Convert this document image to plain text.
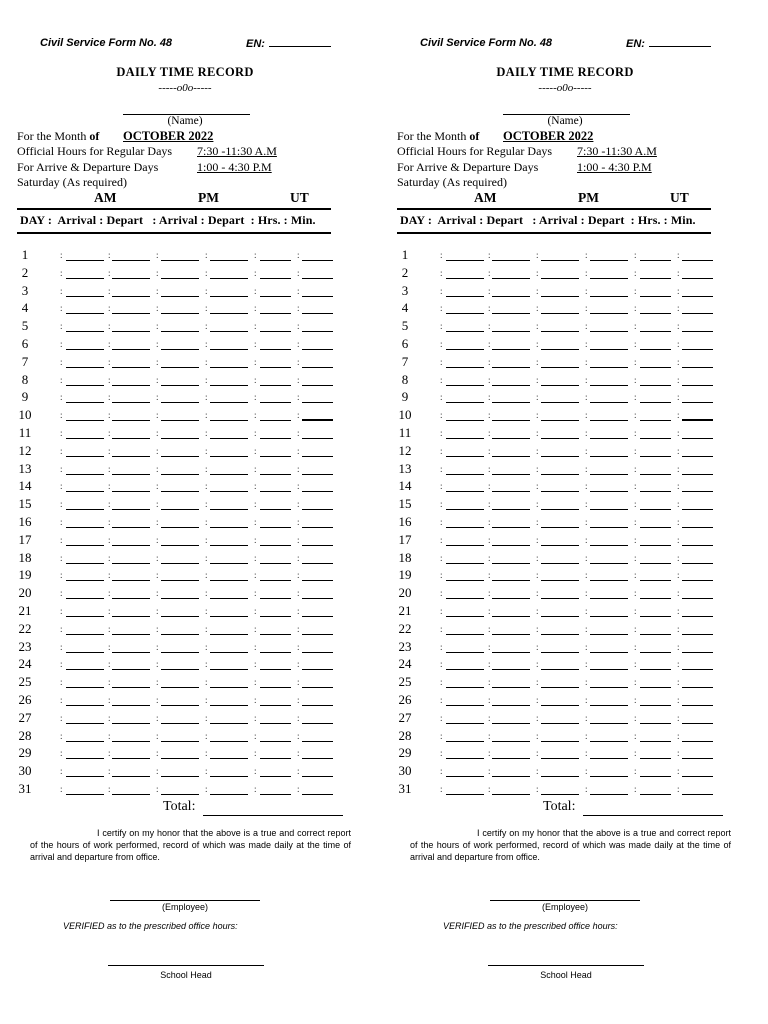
Civil Service Form No. 48	EN:
DAILY TIME RECORD
-----o0o-----
(Name)
For the Month of OCTOBER 2022
Official Hours for Regular Days 7:30 -11:30 A.M
For Arrive & Departure Days	1:00 - 4:30 P.M
Saturday (As required)
AM	PM	UT
DAY :  Arrival : Depart   : Arrival : Depart  : Hrs. : Min.
1	:	:	:	:	:	:
2	:	:	:	:	:	:
3	:	:	:	:	:	:
4	:	:	:	:	:	:
5	:	:	:	:	:	:
6	:	:	:	:	:	:
7	:	:	:	:	:	:
8	:	:	:	:	:	:
9	:	:	:	:	:	:
10	:	:	:	:	:	:
11	:	:	:	:	:	:
12	:	:	:	:	:	:
13	:	:	:	:	:	:
14	:	:	:	:	:	:
15	:	:	:	:	:	:
16	:	:	:	:	:	:
17	:	:	:	:	:	:
18	:	:	:	:	:	:
19	:	:	:	:	:	:
20	:	:	:	:	:	:
21	:	:	:	:	:	:
22	:	:	:	:	:	:
23	:	:	:	:	:	:
24	:	:	:	:	:	:
25	:	:	:	:	:	:
26	:	:	:	:	:	:
27	:	:	:	:	:	:
28	:	:	:	:	:	:
29	:	:	:	:	:	:
30	:	:	:	:	:	:
31	:	:	:	:	:	:
Total:

I certify on my honor that the above is a true and correct report of the hours of work performed, record of which was made daily at the time of arrival and departure from office.

(Employee)
VERIFIED as to the prescribed office hours:
School Head
Civil Service Form No. 48	EN:
DAILY TIME RECORD
-----o0o-----
(Name)
For the Month of OCTOBER 2022
Official Hours for Regular Days 7:30 -11:30 A.M
For Arrive & Departure Days	1:00 - 4:30 P.M
Saturday (As required)
AM	PM	UT
DAY :  Arrival : Depart   : Arrival : Depart  : Hrs. : Min.
1	:	:	:	:	:	:
2	:	:	:	:	:	:
3	:	:	:	:	:	:
4	:	:	:	:	:	:
5	:	:	:	:	:	:
6	:	:	:	:	:	:
7	:	:	:	:	:	:
8	:	:	:	:	:	:
9	:	:	:	:	:	:
10	:	:	:	:	:	:
11	:	:	:	:	:	:
12	:	:	:	:	:	:
13	:	:	:	:	:	:
14	:	:	:	:	:	:
15	:	:	:	:	:	:
16	:	:	:	:	:	:
17	:	:	:	:	:	:
18	:	:	:	:	:	:
19	:	:	:	:	:	:
20	:	:	:	:	:	:
21	:	:	:	:	:	:
22	:	:	:	:	:	:
23	:	:	:	:	:	:
24	:	:	:	:	:	:
25	:	:	:	:	:	:
26	:	:	:	:	:	:
27	:	:	:	:	:	:
28	:	:	:	:	:	:
29	:	:	:	:	:	:
30	:	:	:	:	:	:
31	:	:	:	:	:	:
Total:

I certify on my honor that the above is a true and correct report of the hours of work performed, record of which was made daily at the time of arrival and departure from office.

(Employee)
VERIFIED as to the prescribed office hours:
School Head
